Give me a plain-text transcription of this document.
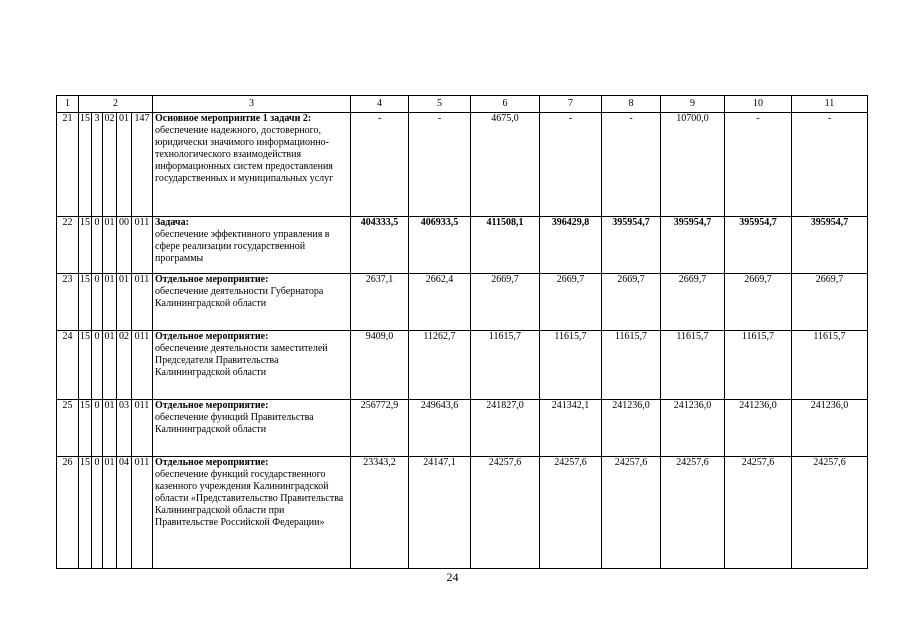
1	2					3	4	5	6	7	8	9	10	11
21	15	3	02	01	147	Основное мероприятие 1 задачи 2:
обеспечение надежного, достоверного, юридически значимого информационно-технологического взаимодействия информационных систем предоставления государственных и муниципальных услуг	-	-	4675,0	-	-	10700,0	-	-
22	15	0	01	00	011	Задача:
обеспечение эффективного управления в сфере реализации государственной программы	404333,5	406933,5	411508,1	396429,8	395954,7	395954,7	395954,7	395954,7
23	15	0	01	01	011	Отдельное мероприятие:
обеспечение деятельности Губернатора Калининградской области	2637,1	2662,4	2669,7	2669,7	2669,7	2669,7	2669,7	2669,7
24	15	0	01	02	011	Отдельное мероприятие:
обеспечение деятельности заместителей Председателя Правительства Калининградской области	9409,0	11262,7	11615,7	11615,7	11615,7	11615,7	11615,7	11615,7
25	15	0	01	03	011	Отдельное мероприятие:
обеспечение функций Правительства Калининградской области	256772,9	249643,6	241827,0	241342,1	241236,0	241236,0	241236,0	241236,0
26	15	0	01	04	011	Отдельное мероприятие:
обеспечение функций государственного казенного учреждения Калининградской области «Представительство Правительства Калининградской области при Правительстве Российской Федерации»	23343,2	24147,1	24257,6	24257,6	24257,6	24257,6	24257,6	24257,6
24
